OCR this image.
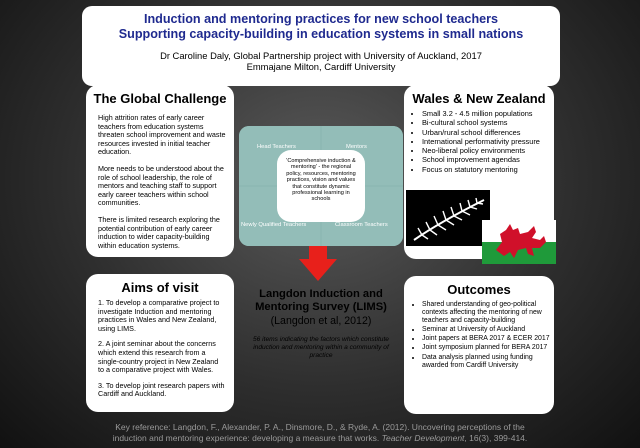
Induction and mentoring practices for new school teachers
Supporting capacity-building in education systems in small nations
Dr Caroline Daly, Global Partnership project with University of Auckland, 2017
Emmajane Milton, Cardiff University
The Global Challenge

High attrition rates of early career teachers from education systems threaten school improvement and waste resources invested in initial teacher education.

More needs to be understood about the role of school leadership, the role of mentors and teaching staff to support early career teachers within school communities.

There is limited research exploring the potential contribution of early career induction to wider capacity-building within education systems.

Aims of visit

1. To develop a comparative project to investigate Induction and mentoring practices in Wales and New Zealand, using LIMS.

2. A joint seminar about the concerns which extend this research from a single-country project in New Zealand to a comparative project with Wales.

3. To develop joint research papers with Cardiff and Auckland.

Head Teachers	Mentors
Newly Qualified Teachers	Classroom Teachers
'Comprehensive induction & mentoring' - the regional policy, resources, mentoring practices, vision and values that constitute dynamic professional learning in schools
Langdon Induction and Mentoring Survey (LIMS)
(Langdon et al, 2012)
56 items indicating the factors which constitute induction and mentoring within a community of practice
Wales & New Zealand
• Small 3.2 - 4.5 million populations
• Bi-cultural school systems
• Urban/rural school differences
• International performativity pressure
• Neo-liberal policy environments
• School improvement agendas
• Focus on statutory mentoring
Outcomes
• Shared understanding of geo-political contexts affecting the mentoring of new teachers and capacity-building
• Seminar at University of Auckland
• Joint papers at BERA 2017 & ECER 2017
• Joint symposium planned for BERA 2017
• Data analysis planned using funding awarded from Cardiff University
Key reference: Langdon, F., Alexander, P. A., Dinsmore, D., & Ryde, A. (2012). Uncovering perceptions of the
induction and mentoring experience: developing a measure that works. Teacher Development, 16(3), 399-414.
